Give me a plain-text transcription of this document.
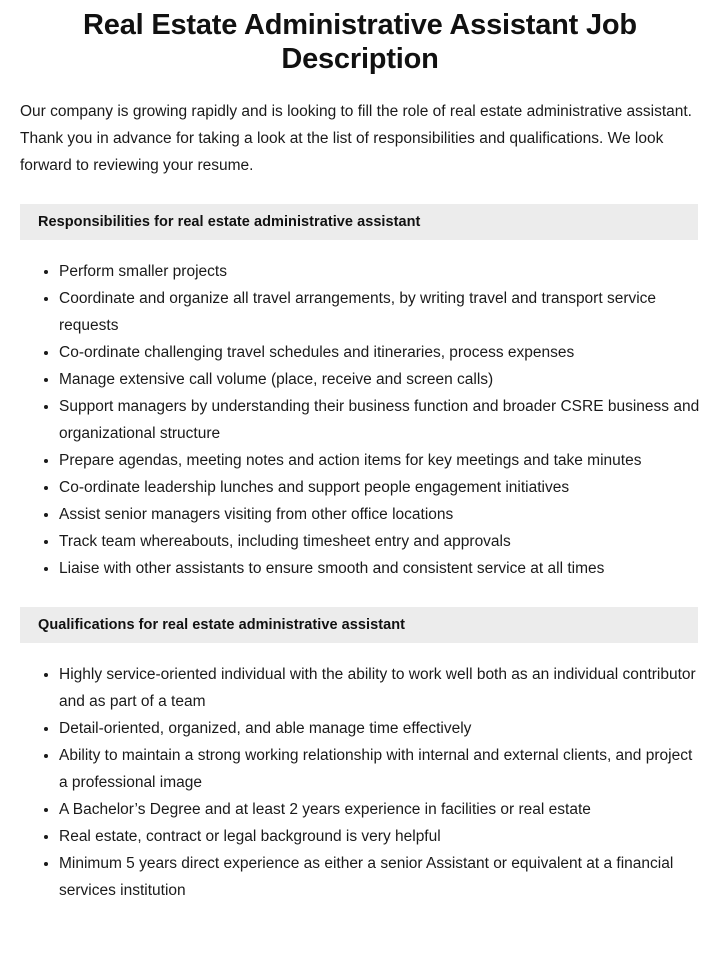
Real Estate Administrative Assistant Job Description

Our company is growing rapidly and is looking to fill the role of real estate administrative assistant. Thank you in advance for taking a look at the list of responsibilities and qualifications. We look forward to reviewing your resume.

Responsibilities for real estate administrative assistant
Perform smaller projects
Coordinate and organize all travel arrangements, by writing travel and transport service requests
Co-ordinate challenging travel schedules and itineraries, process expenses
Manage extensive call volume (place, receive and screen calls)
Support managers by understanding their business function and broader CSRE business and organizational structure
Prepare agendas, meeting notes and action items for key meetings and take minutes
Co-ordinate leadership lunches and support people engagement initiatives
Assist senior managers visiting from other office locations
Track team whereabouts, including timesheet entry and approvals
Liaise with other assistants to ensure smooth and consistent service at all times
Qualifications for real estate administrative assistant
Highly service-oriented individual with the ability to work well both as an individual contributor and as part of a team
Detail-oriented, organized, and able manage time effectively
Ability to maintain a strong working relationship with internal and external clients, and project a professional image
A Bachelor’s Degree and at least 2 years experience in facilities or real estate
Real estate, contract or legal background is very helpful
Minimum 5 years direct experience as either a senior Assistant or equivalent at a financial services institution
